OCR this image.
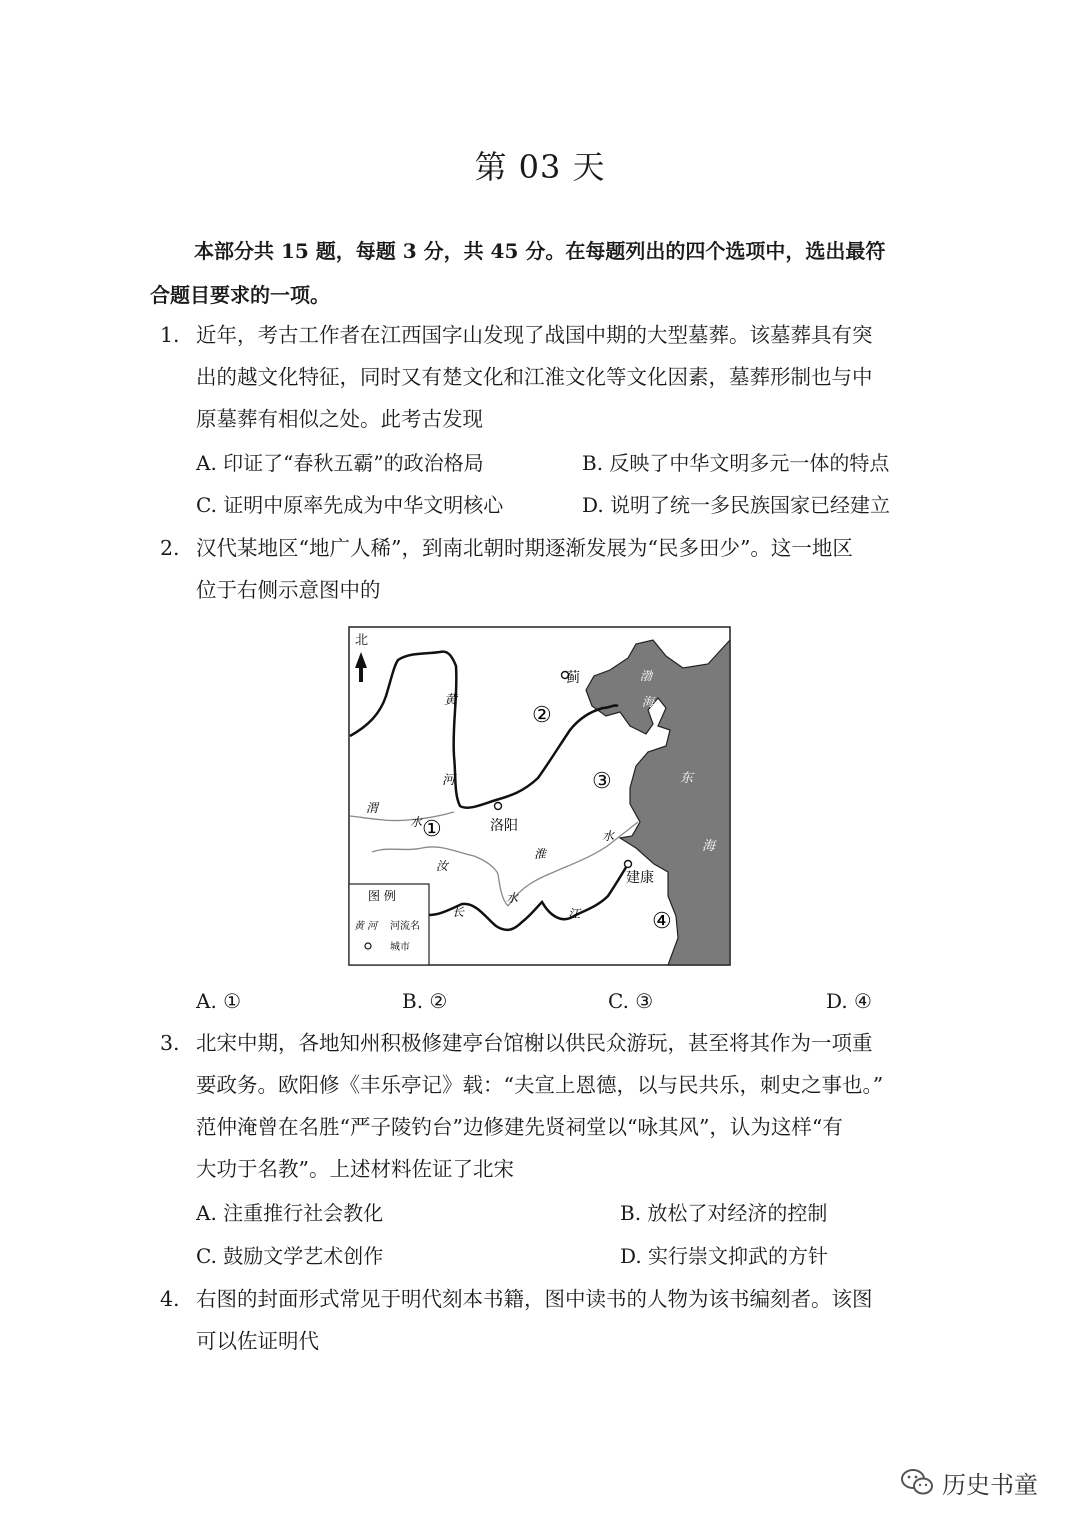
第 03 天
本部分共 15 题，每题 3 分，共 45 分。在每题列出的四个选项中，选出最符
合题目要求的一项。
1. 近年，考古工作者在江西国字山发现了战国中期的大型墓葬。该墓葬具有突
出的越文化特征，同时又有楚文化和江淮文化等文化因素，墓葬形制也与中
原墓葬有相似之处。此考古发现
A. 印证了“春秋五霸”的政治格局	B. 反映了中华文明多元一体的特点
C. 证明中原率先成为中华文明核心	D. 说明了统一多民族国家已经建立
2. 汉代某地区“地广人稀”，到南北朝时期逐渐发展为“民多田少”。这一地区
位于右侧示意图中的
北
黄
河
渭
水
蓟
洛阳
建康
渤
海
东
海
汝
水
淮
水
长	江
②
③
①
④
图 例
黄 河 河流名
城市
A. ①	B. ②	C. ③	D. ④
3. 北宋中期，各地知州积极修建亭台馆榭以供民众游玩，甚至将其作为一项重
要政务。欧阳修《丰乐亭记》载：“夫宣上恩德，以与民共乐，刺史之事也。”
范仲淹曾在名胜“严子陵钓台”边修建先贤祠堂以“咏其风”，认为这样“有
大功于名教”。上述材料佐证了北宋
A. 注重推行社会教化	B. 放松了对经济的控制
C. 鼓励文学艺术创作	D. 实行崇文抑武的方针
4. 右图的封面形式常见于明代刻本书籍，图中读书的人物为该书编刻者。该图
可以佐证明代
历史书童
